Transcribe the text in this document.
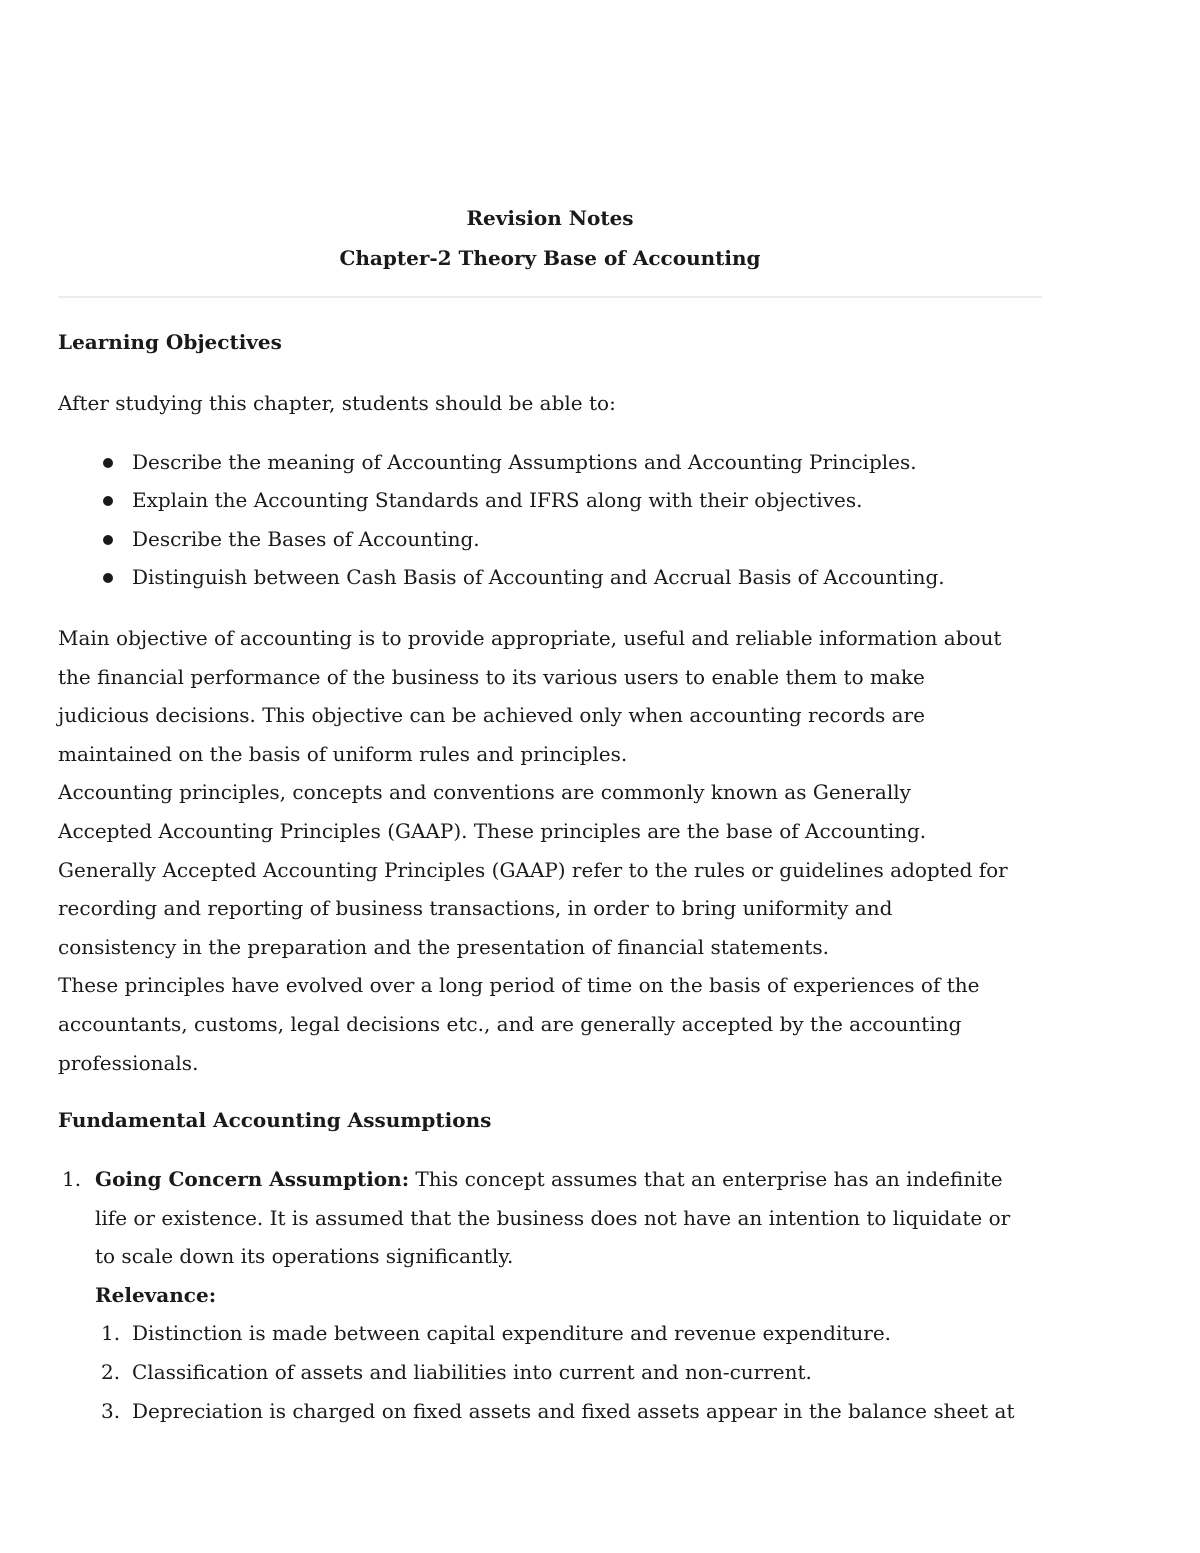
Revision Notes
Chapter-2 Theory Base of Accounting
Learning Objectives

After studying this chapter, students should be able to:

Describe the meaning of Accounting Assumptions and Accounting Principles.
Explain the Accounting Standards and IFRS along with their objectives.
Describe the Bases of Accounting.
Distinguish between Cash Basis of Accounting and Accrual Basis of Accounting.

Main objective of accounting is to provide appropriate, useful and reliable information about

the financial performance of the business to its various users to enable them to make

judicious decisions. This objective can be achieved only when accounting records are

maintained on the basis of uniform rules and principles.

Accounting principles, concepts and conventions are commonly known as Generally

Accepted Accounting Principles (GAAP). These principles are the base of Accounting.

Generally Accepted Accounting Principles (GAAP) refer to the rules or guidelines adopted for

recording and reporting of business transactions, in order to bring uniformity and

consistency in the preparation and the presentation of financial statements.

These principles have evolved over a long period of time on the basis of experiences of the

accountants, customs, legal decisions etc., and are generally accepted by the accounting

professionals.

Fundamental Accounting Assumptions
1. Going Concern Assumption: This concept assumes that an enterprise has an indefinite
life or existence. It is assumed that the business does not have an intention to liquidate or
to scale down its operations significantly.
Relevance:
1. Distinction is made between capital expenditure and revenue expenditure.
2. Classification of assets and liabilities into current and non-current.
3. Depreciation is charged on fixed assets and fixed assets appear in the balance sheet at
